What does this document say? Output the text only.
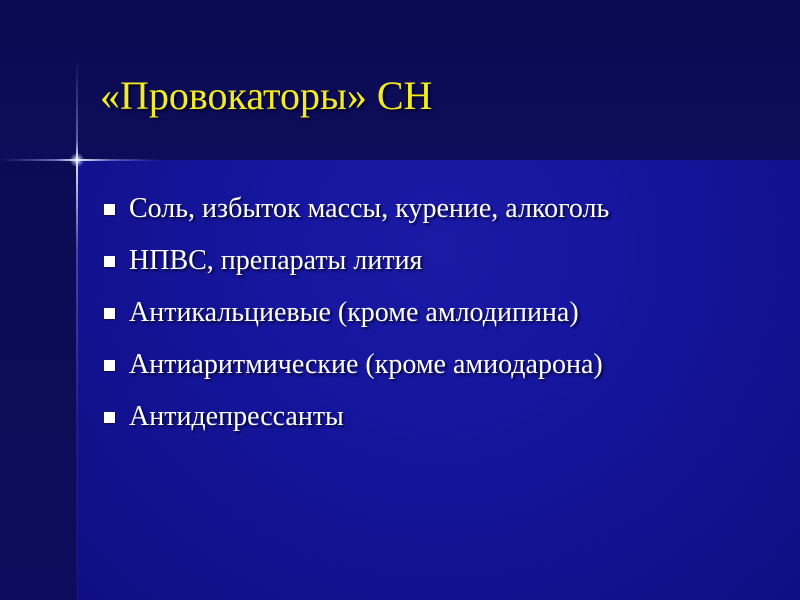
«Провокаторы» СН
Соль, избыток массы, курение, алкоголь
НПВС, препараты лития
Антикальциевые (кроме амлодипина)
Антиаритмические (кроме амиодарона)
Антидепрессанты
